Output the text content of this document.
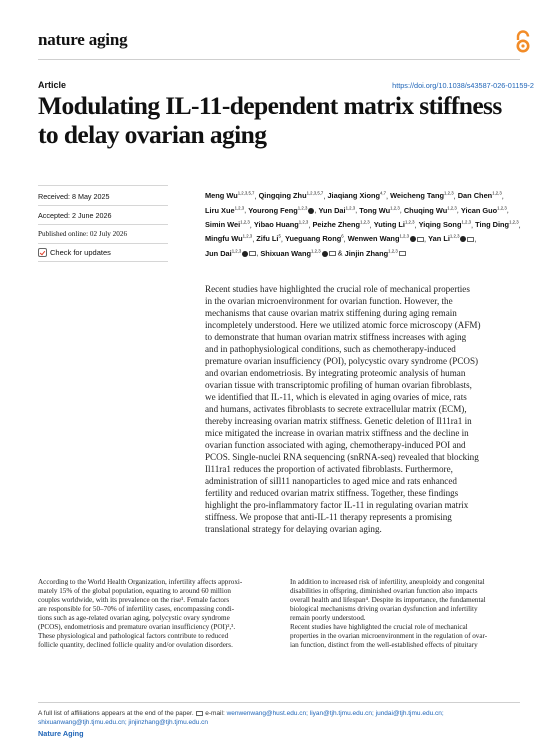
nature aging
Article	https://doi.org/10.1038/s43587-026-01159-2
Modulating IL-11-dependent matrix stiffness
to delay ovarian aging
Received: 8 May 2025
Accepted: 2 June 2026
Published online: 02 July 2026
Check for updates
Meng Wu$^{1,2,3,5,7}$, Qingqing Zhu$^{1,2,3,5,7}$, Jiaqiang Xiong$^{4,7}$, Weicheng Tang$^{1,2,3}$, Dan Chen$^{1,2,3}$, Liru Xue$^{1,2,3}$, Yourong Feng$^{1,2,3}$ , Yun Dai$^{1,2,3}$, Tong Wu$^{1,2,3}$, Chuqing Wu$^{1,2,3}$, Yican Guo$^{1,2,3}$, Simin Wei$^{1,2,3}$, Yibao Huang$^{1,2,3}$, Peizhe Zheng$^{1,2,3}$, Yuting Li$^{1,2,3}$, Yiqing Song$^{1,2,3}$, Ting Ding$^{1,2,3}$, Mingfu Wu$^{1,2,3}$, Zifu Li$^5$, Yueguang Rong$^6$, Wenwen Wang$^{1,2,3}$ , Yan Li$^{1,2,3}$ , Jun Dai$^{1,2,3}$ , Shixuan Wang$^{1,2,3}$ & Jinjin Zhang$^{1,2,3}$

Recent studies have highlighted the crucial role of mechanical properties

in the ovarian microenvironment for ovarian function. However, the

mechanisms that cause ovarian matrix stiffening during aging remain

incompletely understood. Here we utilized atomic force microscopy (AFM)

to demonstrate that human ovarian matrix stiffness increases with aging

and in pathophysiological conditions, such as chemotherapy-induced

premature ovarian insufficiency (POI), polycystic ovary syndrome (PCOS)

and ovarian endometriosis. By integrating proteomic analysis of human

ovarian tissue with transcriptomic profiling of human ovarian fibroblasts,

we identified that IL-11, which is elevated in aging ovaries of mice, rats

and humans, activates fibroblasts to secrete extracellular matrix (ECM),

thereby increasing ovarian matrix stiffness. Genetic deletion of Il11ra1 in

mice mitigated the increase in ovarian matrix stiffness and the decline in

ovarian function associated with aging, chemotherapy-induced POI and

PCOS. Single-nuclei RNA sequencing (snRNA-seq) revealed that blocking

Il11ra1 reduces the proportion of activated fibroblasts. Furthermore,

administration of siIl11 nanoparticles to aged mice and rats enhanced

fertility and reduced ovarian matrix stiffness. Together, these findings

highlight the pro-inflammatory factor IL-11 in regulating ovarian matrix

stiffness. We propose that anti-IL-11 therapy represents a promising

translational strategy for delaying ovarian aging.

According to the World Health Organization, infertility affects approxi-

mately 15% of the global population, equating to around 60 million

couples worldwide, with its prevalence on the rise¹. Female factors

are responsible for 50–70% of infertility cases, encompassing condi-

tions such as age-related ovarian aging, polycystic ovary syndrome

(PCOS), endometriosis and premature ovarian insufficiency (POI)²,³.

These physiological and pathological factors contribute to reduced

follicle quantity, declined follicle quality and/or ovulation disorders.

In addition to increased risk of infertility, aneuploidy and congenital

disabilities in offspring, diminished ovarian function also impacts

overall health and lifespan⁴. Despite its importance, the fundamental

biological mechanisms driving ovarian dysfunction and infertility

remain poorly understood.

Recent studies have highlighted the crucial role of mechanical

properties in the ovarian microenvironment in the regulation of ovar-

ian function, distinct from the well-established effects of pituitary

A full list of affiliations appears at the end of the paper. e-mail: wenwenwang@hust.edu.cn; liyan@tjh.tjmu.edu.cn; jundai@tjh.tjmu.edu.cn;
shixuanwang@tjh.tjmu.edu.cn; jinjinzhang@tjh.tjmu.edu.cn
Nature Aging
